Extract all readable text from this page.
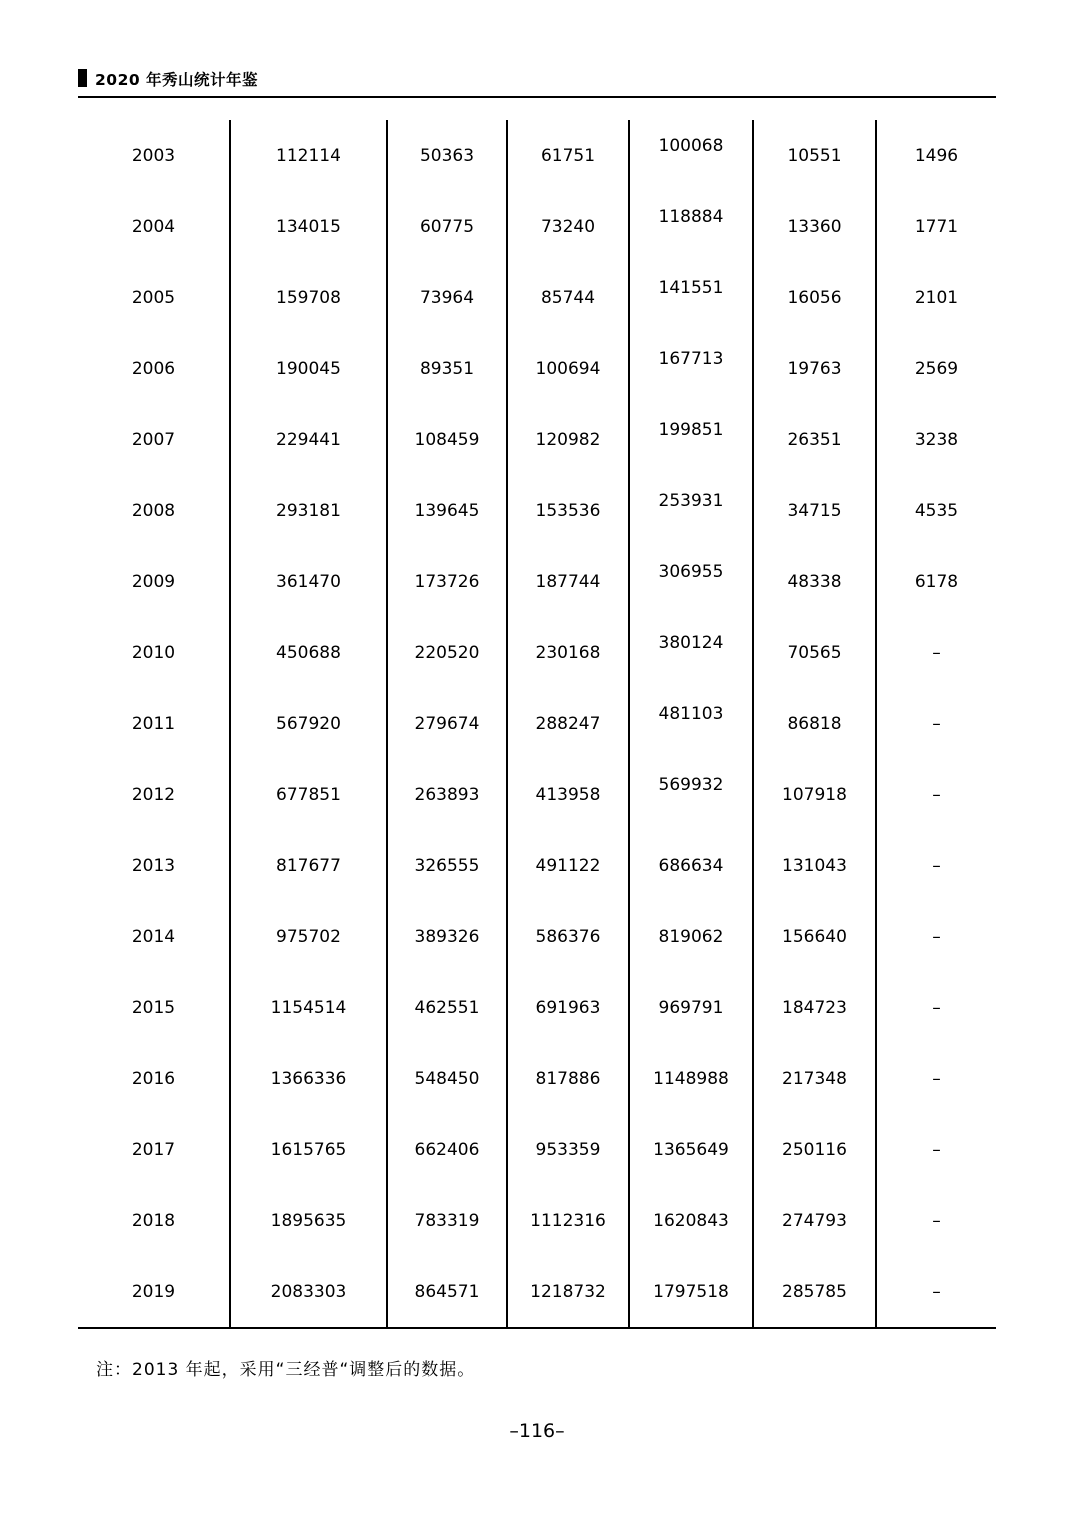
2020 年秀山统计年鉴
2003	112114	50363	61751	100068	10551	1496
2004	134015	60775	73240	118884	13360	1771
2005	159708	73964	85744	141551	16056	2101
2006	190045	89351	100694	167713	19763	2569
2007	229441	108459	120982	199851	26351	3238
2008	293181	139645	153536	253931	34715	4535
2009	361470	173726	187744	306955	48338	6178
2010	450688	220520	230168	380124	70565	–
2011	567920	279674	288247	481103	86818	–
2012	677851	263893	413958	569932	107918	–
2013	817677	326555	491122	686634	131043	–
2014	975702	389326	586376	819062	156640	–
2015	1154514	462551	691963	969791	184723	–
2016	1366336	548450	817886	1148988	217348	–
2017	1615765	662406	953359	1365649	250116	–
2018	1895635	783319	1112316	1620843	274793	–
2019	2083303	864571	1218732	1797518	285785	–
注：2013 年起，采用“三经普“调整后的数据。
–116–
